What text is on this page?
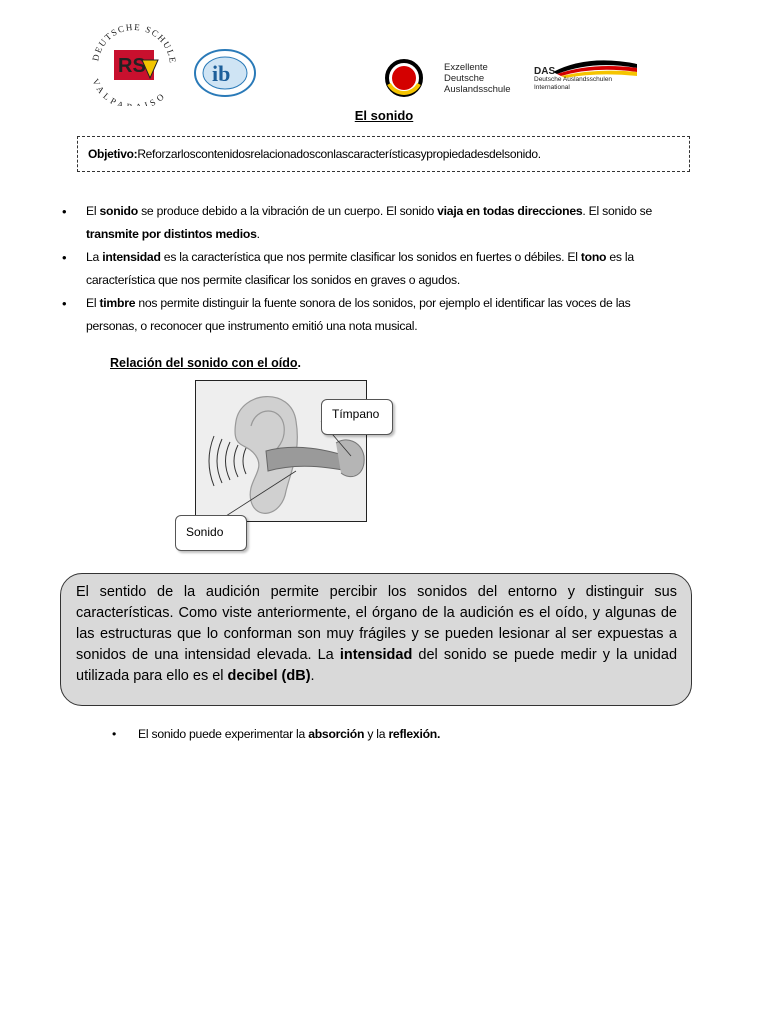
DEUTSCHE SCHULE
VALPA ISO
RS	ib	Exzellente
Deutsche
Auslandsschule
DAS
Deutsche Auslandsschulen
International
El sonido
Objetivo:Reforzarloscontenidosrelacionadosconlascaracterísticasypropiedadesdelsonido.
• El sonido se produce debido a la vibración de un cuerpo. El sonido viaja en todas direcciones. El sonido se transmite por distintos medios.
• La intensidad es la característica que nos permite clasificar los sonidos en fuertes o débiles. El tono es la característica que nos permite clasificar los sonidos en graves o agudos.
• El timbre nos permite distinguir la fuente sonora de los sonidos, por ejemplo el identificar las voces de las personas, o reconocer que instrumento emitió una nota musical.
Relación del sonido con el oído.
Tímpano
Sonido
El sentido de la audición permite percibir los sonidos del entorno y distinguir sus características. Como viste anteriormente, el órgano de la audición es el oído, y algunas de las estructuras que lo conforman son muy frágiles y se pueden lesionar al ser expuestas a sonidos de una intensidad elevada. La intensidad del sonido se puede medir y la unidad utilizada para ello es el decibel (dB).
• El sonido puede experimentar la absorción y la reflexión.
